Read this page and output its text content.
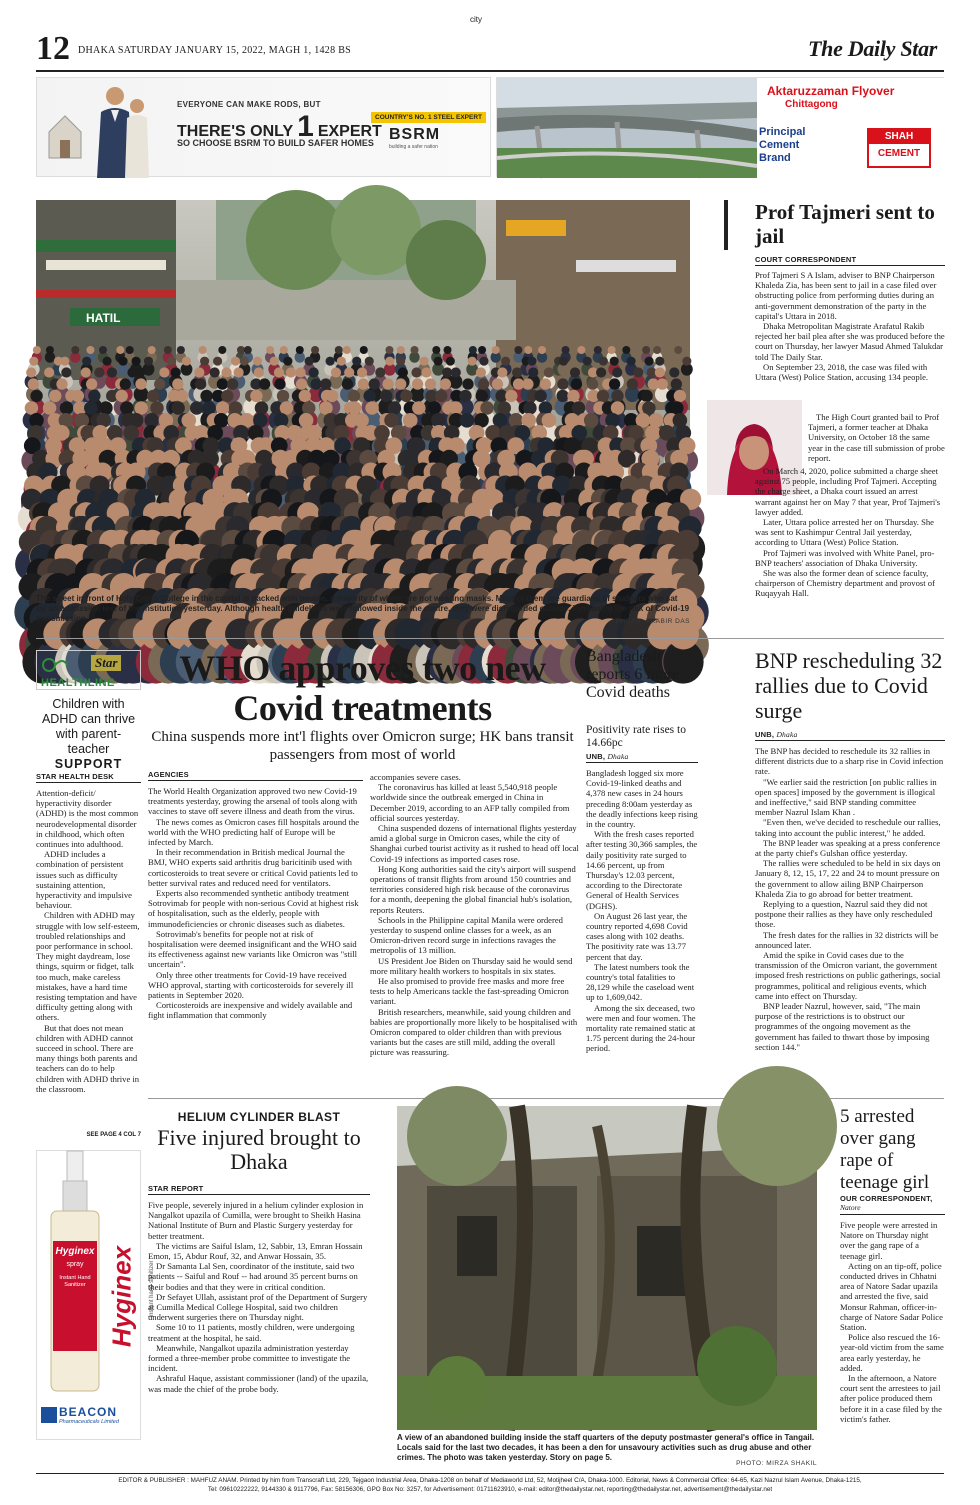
city
12 DHAKA SATURDAY JANUARY 15, 2022, MAGH 1, 1428 BS	The Daily Star
EVERYONE CAN MAKE RODS, BUT
THERE'S ONLY 1 EXPERT
SO CHOOSE BSRM TO BUILD SAFER HOMES
COUNTRY'S NO. 1 STEEL EXPERT
BSRM
building a safer nation
Aktaruzzaman Flyover
Chittagong
Principal
Cement
Brand
SHAH
CEMENT
HATIL
The street in front of Holy Cross College in the capital is packed with people, a majority of whom are not wearing masks. Most of them are guardians of students who sat for an admission test of the institution yesterday. Although health guidelines were followed inside the centre, they were disregarded outside, increasing the risk of Covid-19 transmission.	PHOTO: PRABIR DAS
Prof Tajmeri sent to jail
COURT CORRESPONDENT

Prof Tajmeri S A Islam, adviser to BNP Chairperson Khaleda Zia, has been sent to jail in a case filed over obstructing police from performing duties during an anti-government demonstration of the party in the capital's Uttara in 2018.

Dhaka Metropolitan Magistrate Arafatul Rakib rejected her bail plea after she was produced before the court on Thursday, her lawyer Masud Ahmed Talukdar told The Daily Star.

On September 23, 2018, the case was filed with Uttara (West) Police Station, accusing 134 people.

The High Court granted bail to Prof Tajmeri, a former teacher at Dhaka University, on October 18 the same year in the case till submission of probe report.

On March 4, 2020, police submitted a charge sheet against 75 people, including Prof Tajmeri. Accepting the charge sheet, a Dhaka court issued an arrest warrant against her on May 7 that year, Prof Tajmeri's lawyer added.

Later, Uttara police arrested her on Thursday. She was sent to Kashimpur Central Jail yesterday, according to Uttara (West) Police Station.

Prof Tajmeri was involved with White Panel, pro-BNP teachers' association of Dhaka University.

She was also the former dean of science faculty, chairperson of Chemistry department and provost of Ruqayyah Hall.

Star
HEALTHLINE
Children with ADHD can thrive with parent-teacher
SUPPORT
STAR HEALTH DESK

Attention-deficit/ hyperactivity disorder (ADHD) is the most common neurodevelopmental disorder in childhood, which often continues into adulthood.

ADHD includes a combination of persistent issues such as difficulty sustaining attention, hyperactivity and impulsive behaviour.

Children with ADHD may struggle with low self-esteem, troubled relationships and poor performance in school. They might daydream, lose things, squirm or fidget, talk too much, make careless mistakes, have a hard time resisting temptation and have difficulty getting along with others.

But that does not mean children with ADHD cannot succeed in school. There are many things both parents and teachers can do to help children with ADHD thrive in the classroom.

SEE PAGE 4 COL 7
Hyginex
spray
Instant Hand Sanitizer Hyginex Instant hand sanitizer
BEACON
Pharmaceuticals Limited
WHO approves two new Covid treatments
China suspends more int'l flights over Omicron surge; HK bans transit passengers from most of world
AGENCIES

The World Health Organization approved two new Covid-19 treatments yesterday, growing the arsenal of tools along with vaccines to stave off severe illness and death from the virus.

The news comes as Omicron cases fill hospitals around the world with the WHO predicting half of Europe will be infected by March.

In their recommendation in British medical Journal the BMJ, WHO experts said arthritis drug baricitinib used with corticosteroids to treat severe or critical Covid patients led to better survival rates and reduced need for ventilators.

Experts also recommended synthetic antibody treatment Sotrovimab for people with non-serious Covid at highest risk of hospitalisation, such as the elderly, people with immunodeficiencies or chronic diseases such as diabetes.

Sotrovimab's benefits for people not at risk of hospitalisation were deemed insignificant and the WHO said its effectiveness against new variants like Omicron was "still uncertain".

Only three other treatments for Covid-19 have received WHO approval, starting with corticosteroids for severely ill patients in September 2020.

Corticosteroids are inexpensive and widely available and fight inflammation that commonly

accompanies severe cases.

The coronavirus has killed at least 5,540,918 people worldwide since the outbreak emerged in China in December 2019, according to an AFP tally compiled from official sources yesterday.

China suspended dozens of international flights yesterday amid a global surge in Omicron cases, while the city of Shanghai curbed tourist activity as it rushed to head off local Covid-19 infections as imported cases rose.

Hong Kong authorities said the city's airport will suspend operations of transit flights from around 150 countries and territories considered high risk because of the coronavirus for a month, deepening the global financial hub's isolation, reports Reuters.

Schools in the Philippine capital Manila were ordered yesterday to suspend online classes for a week, as an Omicron-driven record surge in infections ravages the metropolis of 13 million.

US President Joe Biden on Thursday said he would send more military health workers to hospitals in six states.

He also promised to provide free masks and more free tests to help Americans tackle the fast-spreading Omicron variant.

British researchers, meanwhile, said young children and babies are proportionally more likely to be hospitalised with Omicron compared to older children than with previous variants but the cases are still mild, adding the overall picture was reassuring.

Bangladesh reports 6 more Covid deaths
Positivity rate rises to 14.66pc
UNB, Dhaka

Bangladesh logged six more Covid-19-linked deaths and 4,378 new cases in 24 hours preceding 8:00am yesterday as the deadly infections keep rising in the country.

With the fresh cases reported after testing 30,366 samples, the daily positivity rate surged to 14.66 percent, up from Thursday's 12.03 percent, according to the Directorate General of Health Services (DGHS).

On August 26 last year, the country reported 4,698 Covid cases along with 102 deaths. The positivity rate was 13.77 percent that day.

The latest numbers took the country's total fatalities to 28,129 while the caseload went up to 1,609,042.

Among the six deceased, two were men and four women. The mortality rate remained static at 1.75 percent during the 24-hour period.

BNP rescheduling 32 rallies due to Covid surge
UNB, Dhaka

The BNP has decided to reschedule its 32 rallies in different districts due to a sharp rise in Covid infection rate.

"We earlier said the restriction [on public rallies in open spaces] imposed by the government is illogical and ineffective," said BNP standing committee member Nazrul Islam Khan .

"Even then, we've decided to reschedule our rallies, taking into account the public interest," he added.

The BNP leader was speaking at a press conference at the party chief's Gulshan office yesterday.

The rallies were scheduled to be held in six days on January 8, 12, 15, 17, 22 and 24 to mount pressure on the government to allow ailing BNP Chairperson Khaleda Zia to go abroad for better treatment.

Replying to a question, Nazrul said they did not postpone their rallies as they have only rescheduled those.

The fresh dates for the rallies in 32 districts will be announced later.

Amid the spike in Covid cases due to the transmission of the Omicron variant, the government imposed fresh restrictions on public gatherings, social programmes, political and religious events, which came into effect on Thursday.

BNP leader Nazrul, however, said, "The main purpose of the restrictions is to obstruct our programmes of the ongoing movement as the government has failed to thwart those by imposing section 144."

HELIUM CYLINDER BLAST
Five injured brought to Dhaka
STAR REPORT

Five people, severely injured in a helium cylinder explosion in Nangalkot upazila of Cumilla, were brought to Sheikh Hasina National Institute of Burn and Plastic Surgery yesterday for better treatment.

The victims are Saiful Islam, 12, Sabbir, 13, Emran Hossain Emon, 15, Abdur Rouf, 32, and Anwar Hossain, 35.

Dr Samanta Lal Sen, coordinator of the institute, said two patients -- Saiful and Rouf -- had around 35 percent burns on their bodies and that they were in critical condition.

Dr Sefayet Ullah, assistant prof of the Department of Surgery at Cumilla Medical College Hospital, said two children underwent surgeries there on Thursday night.

Some 10 to 11 patients, mostly children, were undergoing treatment at the hospital, he said.

Meanwhile, Nangalkot upazila administration yesterday formed a three-member probe committee to investigate the incident.

Ashraful Haque, assistant commissioner (land) of the upazila, was made the chief of the probe body.

A view of an abandoned building inside the staff quarters of the deputy postmaster general's office in Tangail. Locals said for the last two decades, it has been a den for unsavoury activities such as drug abuse and other crimes. The photo was taken yesterday. Story on page 5.
PHOTO: MIRZA SHAKIL
5 arrested over gang rape of teenage girl
OUR CORRESPONDENT,
Natore

Five people were arrested in Natore on Thursday night over the gang rape of a teenage girl.

Acting on an tip-off, police conducted drives in Chhatni area of Natore Sadar upazila and arrested the five, said Monsur Rahman, officer-in-charge of Natore Sadar Police Station.

Police also rescued the 16-year-old victim from the same area early yesterday, he added.

In the afternoon, a Natore court sent the arrestees to jail after police produced them before it in a case filed by the victim's father.

EDITOR & PUBLISHER : MAHFUZ ANAM. Printed by him from Transcraft Ltd, 229, Tejgaon Industrial Area, Dhaka-1208 on behalf of Mediaworld Ltd, 52, Motijheel C/A, Dhaka-1000. Editorial, News & Commercial Office: 64-65, Kazi Nazrul Islam Avenue, Dhaka-1215,
Tel: 09610222222, 9144330 & 9117796, Fax: 58156306, GPO Box No: 3257, for Advertisement: 01711623910, e-mail: editor@thedailystar.net, reporting@thedailystar.net, advertisement@thedailystar.net
